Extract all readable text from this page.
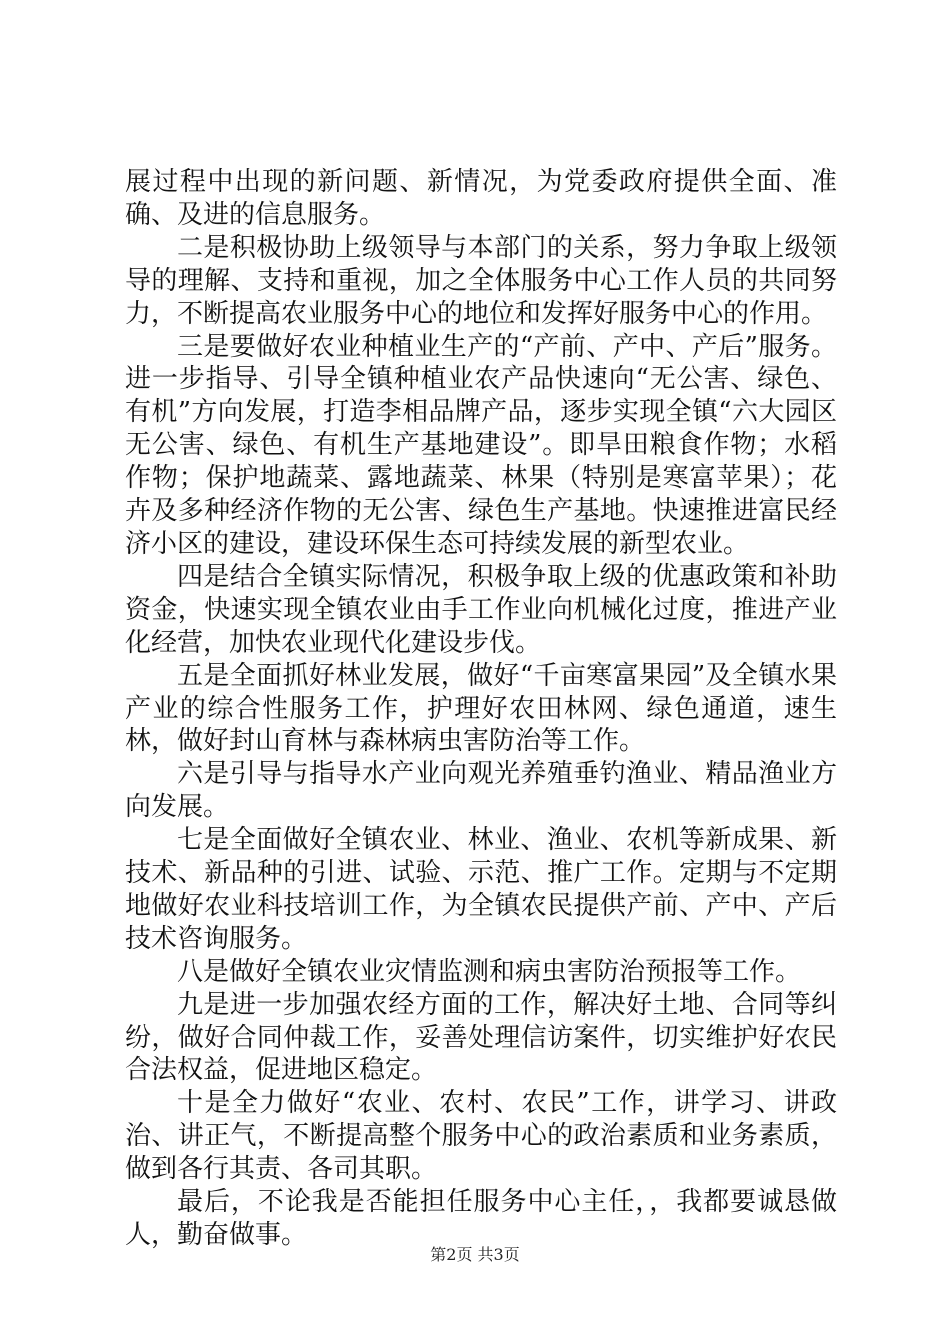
展过程中出现的新问题、新情况，为党委政府提供全面、准确、及进的信息服务。

二是积极协助上级领导与本部门的关系，努力争取上级领导的理解、支持和重视，加之全体服务中心工作人员的共同努力，不断提高农业服务中心的地位和发挥好服务中心的作用。

三是要做好农业种植业生产的“产前、产中、产后”服务。进一步指导、引导全镇种植业农产品快速向“无公害、绿色、有机”方向发展，打造李相品牌产品，逐步实现全镇“六大园区无公害、绿色、有机生产基地建设”。即旱田粮食作物；水稻作物；保护地蔬菜、露地蔬菜、林果（特别是寒富苹果）；花卉及多种经济作物的无公害、绿色生产基地。快速推进富民经济小区的建设，建设环保生态可持续发展的新型农业。

四是结合全镇实际情况，积极争取上级的优惠政策和补助资金，快速实现全镇农业由手工作业向机械化过度，推进产业化经营，加快农业现代化建设步伐。

五是全面抓好林业发展，做好“千亩寒富果园”及全镇水果产业的综合性服务工作，护理好农田林网、绿色通道，速生林，做好封山育林与森林病虫害防治等工作。

六是引导与指导水产业向观光养殖垂钓渔业、精品渔业方向发展。

七是全面做好全镇农业、林业、渔业、农机等新成果、新技术、新品种的引进、试验、示范、推广工作。定期与不定期地做好农业科技培训工作，为全镇农民提供产前、产中、产后技术咨询服务。

八是做好全镇农业灾情监测和病虫害防治预报等工作。

九是进一步加强农经方面的工作，解决好土地、合同等纠纷，做好合同仲裁工作，妥善处理信访案件，切实维护好农民合法权益，促进地区稳定。

十是全力做好“农业、农村、农民”工作，讲学习、讲政治、讲正气，不断提高整个服务中心的政治素质和业务素质，做到各行其责、各司其职。

最后，不论我是否能担任服务中心主任，，我都要诚恳做人，勤奋做事。

第2页 共3页
